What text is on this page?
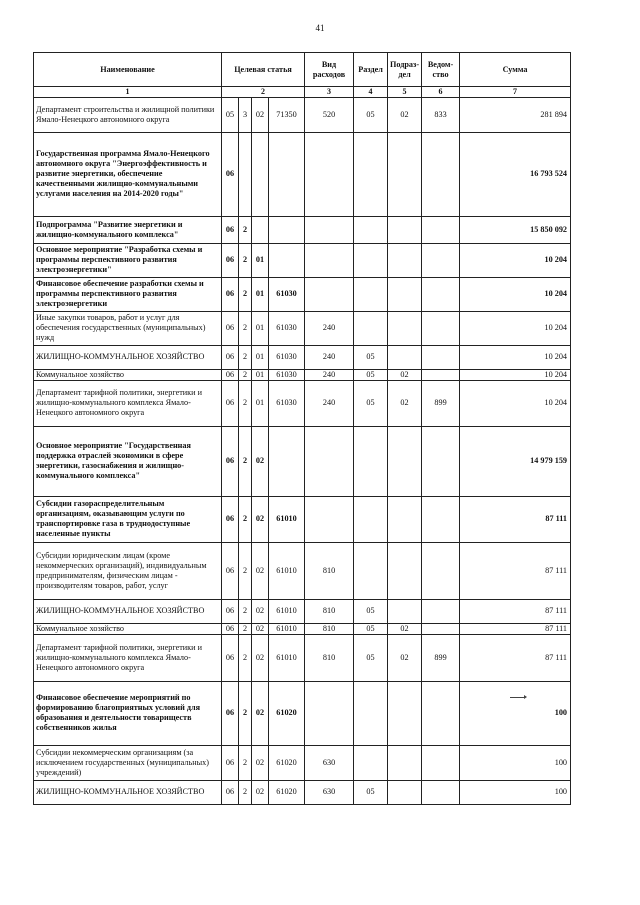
41
Наименование	Целевая статья				Вид расходов	Раздел	Подраз-дел	Ведом-ство	Сумма
1	2				3	4	5	6	7
Департамент строительства и жилищной политики Ямало-Ненецкого автономного округа	05	3	02	71350	520	05	02	833	281 894
Государственная программа Ямало-Ненецкого автономного округа "Энергоэффективность и развитие энергетики, обеспечение качественными жилищно-коммунальными услугами населения на 2014-2020 годы"	06								16 793 524
Подпрограмма "Развитие энергетики и жилищно-коммунального комплекса"	06	2							15 850 092
Основное мероприятие "Разработка схемы и программы перспективного развития электроэнергетики"	06	2	01						10 204
Финансовое обеспечение разработки схемы и программы перспективного развития электроэнергетики	06	2	01	61030					10 204
Иные закупки товаров, работ и услуг для обеспечения государственных (муниципальных) нужд	06	2	01	61030	240				10 204
ЖИЛИЩНО-КОММУНАЛЬНОЕ ХОЗЯЙСТВО	06	2	01	61030	240	05			10 204
Коммунальное хозяйство	06	2	01	61030	240	05	02		10 204
Департамент тарифной политики, энергетики и жилищно-коммунального комплекса Ямало-Ненецкого автономного округа	06	2	01	61030	240	05	02	899	10 204
Основное мероприятие "Государственная поддержка отраслей экономики в сфере энергетики, газоснабжения и жилищно-коммунального комплекса"	06	2	02						14 979 159
Субсидии газораспределительным организациям, оказывающим услуги по транспортировке газа в труднодоступные населенные пункты	06	2	02	61010					87 111
Субсидии юридическим лицам (кроме некоммерческих организаций), индивидуальным предпринимателям, физическим лицам - производителям товаров, работ, услуг	06	2	02	61010	810				87 111
ЖИЛИЩНО-КОММУНАЛЬНОЕ ХОЗЯЙСТВО	06	2	02	61010	810	05			87 111
Коммунальное хозяйство	06	2	02	61010	810	05	02		87 111
Департамент тарифной политики, энергетики и жилищно-коммунального комплекса Ямало-Ненецкого автономного округа	06	2	02	61010	810	05	02	899	87 111
Финансовое обеспечение мероприятий по формированию благоприятных условий для образования и деятельности товариществ собственников жилья	06	2	02	61020					100
Субсидии некоммерческим организациям (за исключением государственных (муниципальных) учреждений)	06	2	02	61020	630				100
ЖИЛИЩНО-КОММУНАЛЬНОЕ ХОЗЯЙСТВО	06	2	02	61020	630	05			100
